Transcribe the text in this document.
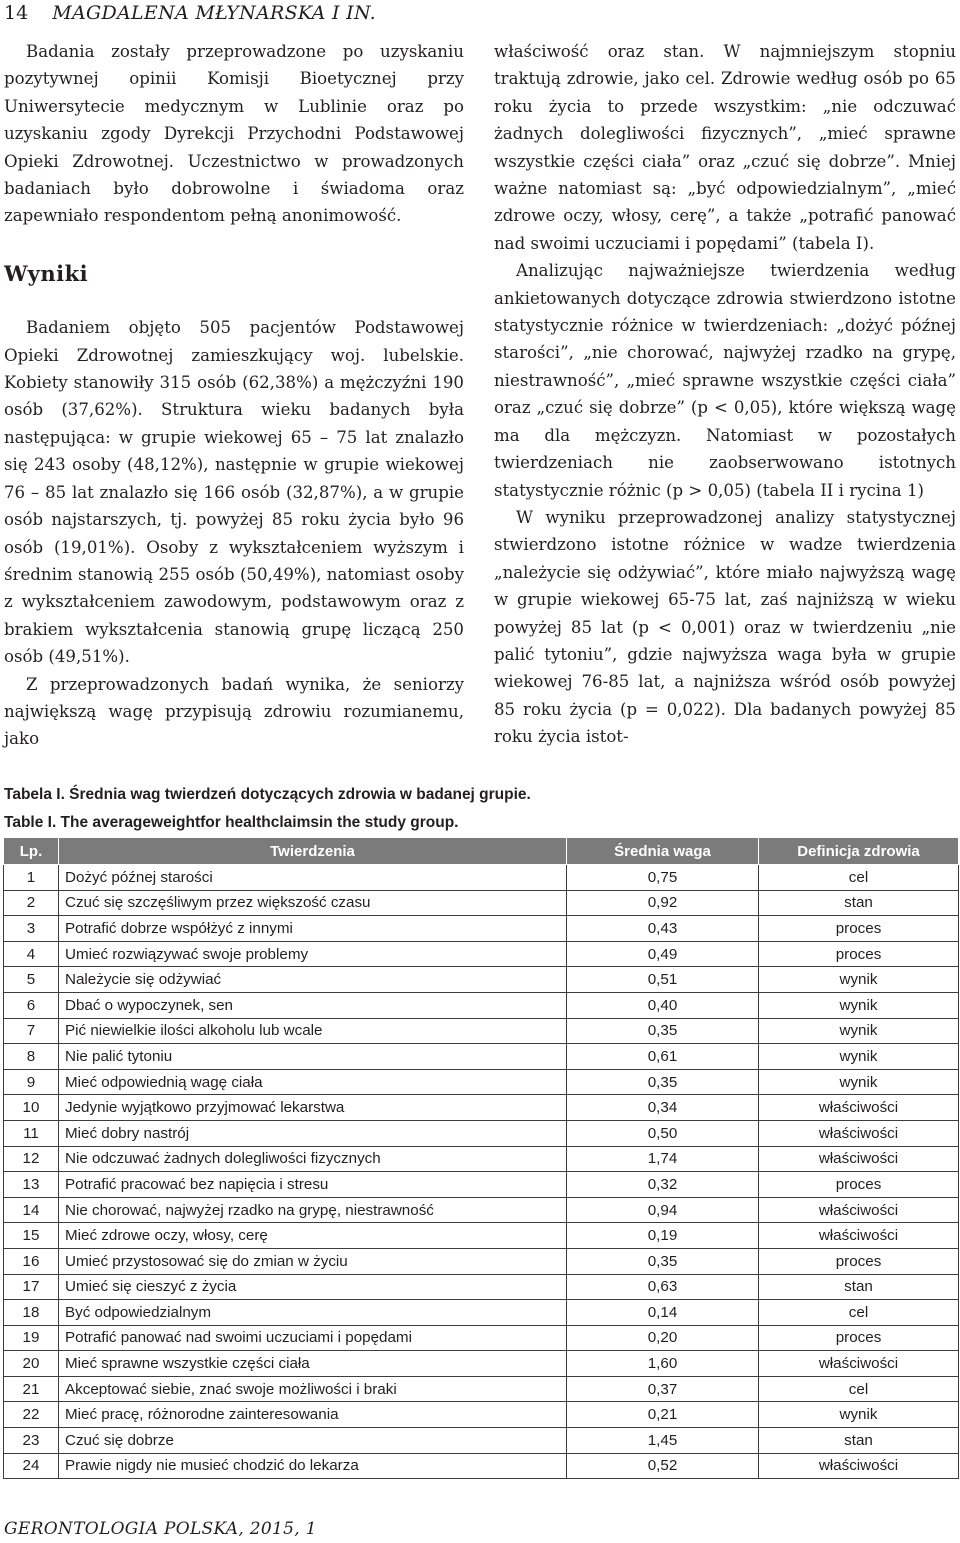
14 MAGDALENA MŁYNARSKA I IN.

Badania zostały przeprowadzone po uzyskaniu pozytywnej opinii Komisji Bioetycznej przy Uniwersytecie medycznym w Lublinie oraz po uzyskaniu zgody Dyrekcji Przychodni Podstawowej Opieki Zdrowotnej. Uczestnictwo w prowadzonych badaniach było dobrowolne i świadoma oraz zapewniało respondentom pełną anonimowość.

Wyniki

Badaniem objęto 505 pacjentów Podstawowej Opieki Zdrowotnej zamieszkujący woj. lubelskie. Kobiety stanowiły 315 osób (62,38%) a mężczyźni 190 osób (37,62%). Struktura wieku badanych była następująca: w grupie wiekowej 65 – 75 lat znalazło się 243 osoby (48,12%), następnie w grupie wiekowej 76 – 85 lat znalazło się 166 osób (32,87%), a w grupie osób najstarszych, tj. powyżej 85 roku życia było 96 osób (19,01%). Osoby z wykształceniem wyższym i średnim stanowią 255 osób (50,49%), natomiast osoby z wykształceniem zawodowym, podstawowym oraz z brakiem wykształcenia stanowią grupę liczącą 250 osób (49,51%).

Z przeprowadzonych badań wynika, że seniorzy największą wagę przypisują zdrowiu rozumianemu, jako

właściwość oraz stan. W najmniejszym stopniu traktują zdrowie, jako cel. Zdrowie według osób po 65 roku życia to przede wszystkim: „nie odczuwać żadnych dolegliwości fizycznych”, „mieć sprawne wszystkie części ciała” oraz „czuć się dobrze”. Mniej ważne natomiast są: „być odpowiedzialnym”, „mieć zdrowe oczy, włosy, cerę”, a także „potrafić panować nad swoimi uczuciami i popędami” (tabela I).

Analizując najważniejsze twierdzenia według ankietowanych dotyczące zdrowia stwierdzono istotne statystycznie różnice w twierdzeniach: „dożyć późnej starości”, „nie chorować, najwyżej rzadko na grypę, niestrawność”, „mieć sprawne wszystkie części ciała” oraz „czuć się dobrze” (p < 0,05), które większą wagę ma dla mężczyzn. Natomiast w pozostałych twierdzeniach nie zaobserwowano istotnych statystycznie różnic (p > 0,05) (tabela II i rycina 1)

W wyniku przeprowadzonej analizy statystycznej stwierdzono istotne różnice w wadze twierdzenia „należycie się odżywiać”, które miało najwyższą wagę w grupie wiekowej 65-75 lat, zaś najniższą w wieku powyżej 85 lat (p < 0,001) oraz w twierdzeniu „nie palić tytoniu”, gdzie najwyższa waga była w grupie wiekowej 76-85 lat, a najniższa wśród osób powyżej 85 roku życia (p = 0,022). Dla badanych powyżej 85 roku życia istot-

Tabela I. Średnia wag twierdzeń dotyczących zdrowia w badanej grupie.
Table I. The averageweightfor healthclaimsin the study group.
Lp.	Twierdzenia	Średnia waga	Definicja zdrowia
1	Dożyć późnej starości	0,75	cel
2	Czuć się szczęśliwym przez większość czasu	0,92	stan
3	Potrafić dobrze współżyć z innymi	0,43	proces
4	Umieć rozwiązywać swoje problemy	0,49	proces
5	Należycie się odżywiać	0,51	wynik
6	Dbać o wypoczynek, sen	0,40	wynik
7	Pić niewielkie ilości alkoholu lub wcale	0,35	wynik
8	Nie palić tytoniu	0,61	wynik
9	Mieć odpowiednią wagę ciała	0,35	wynik
10	Jedynie wyjątkowo przyjmować lekarstwa	0,34	właściwości
11	Mieć dobry nastrój	0,50	właściwości
12	Nie odczuwać żadnych dolegliwości fizycznych	1,74	właściwości
13	Potrafić pracować bez napięcia i stresu	0,32	proces
14	Nie chorować, najwyżej rzadko na grypę, niestrawność	0,94	właściwości
15	Mieć zdrowe oczy, włosy, cerę	0,19	właściwości
16	Umieć przystosować się do zmian w życiu	0,35	proces
17	Umieć się cieszyć z życia	0,63	stan
18	Być odpowiedzialnym	0,14	cel
19	Potrafić panować nad swoimi uczuciami i popędami	0,20	proces
20	Mieć sprawne wszystkie części ciała	1,60	właściwości
21	Akceptować siebie, znać swoje możliwości i braki	0,37	cel
22	Mieć pracę, różnorodne zainteresowania	0,21	wynik
23	Czuć się dobrze	1,45	stan
24	Prawie nigdy nie musieć chodzić do lekarza	0,52	właściwości
GERONTOLOGIA POLSKA, 2015, 1
